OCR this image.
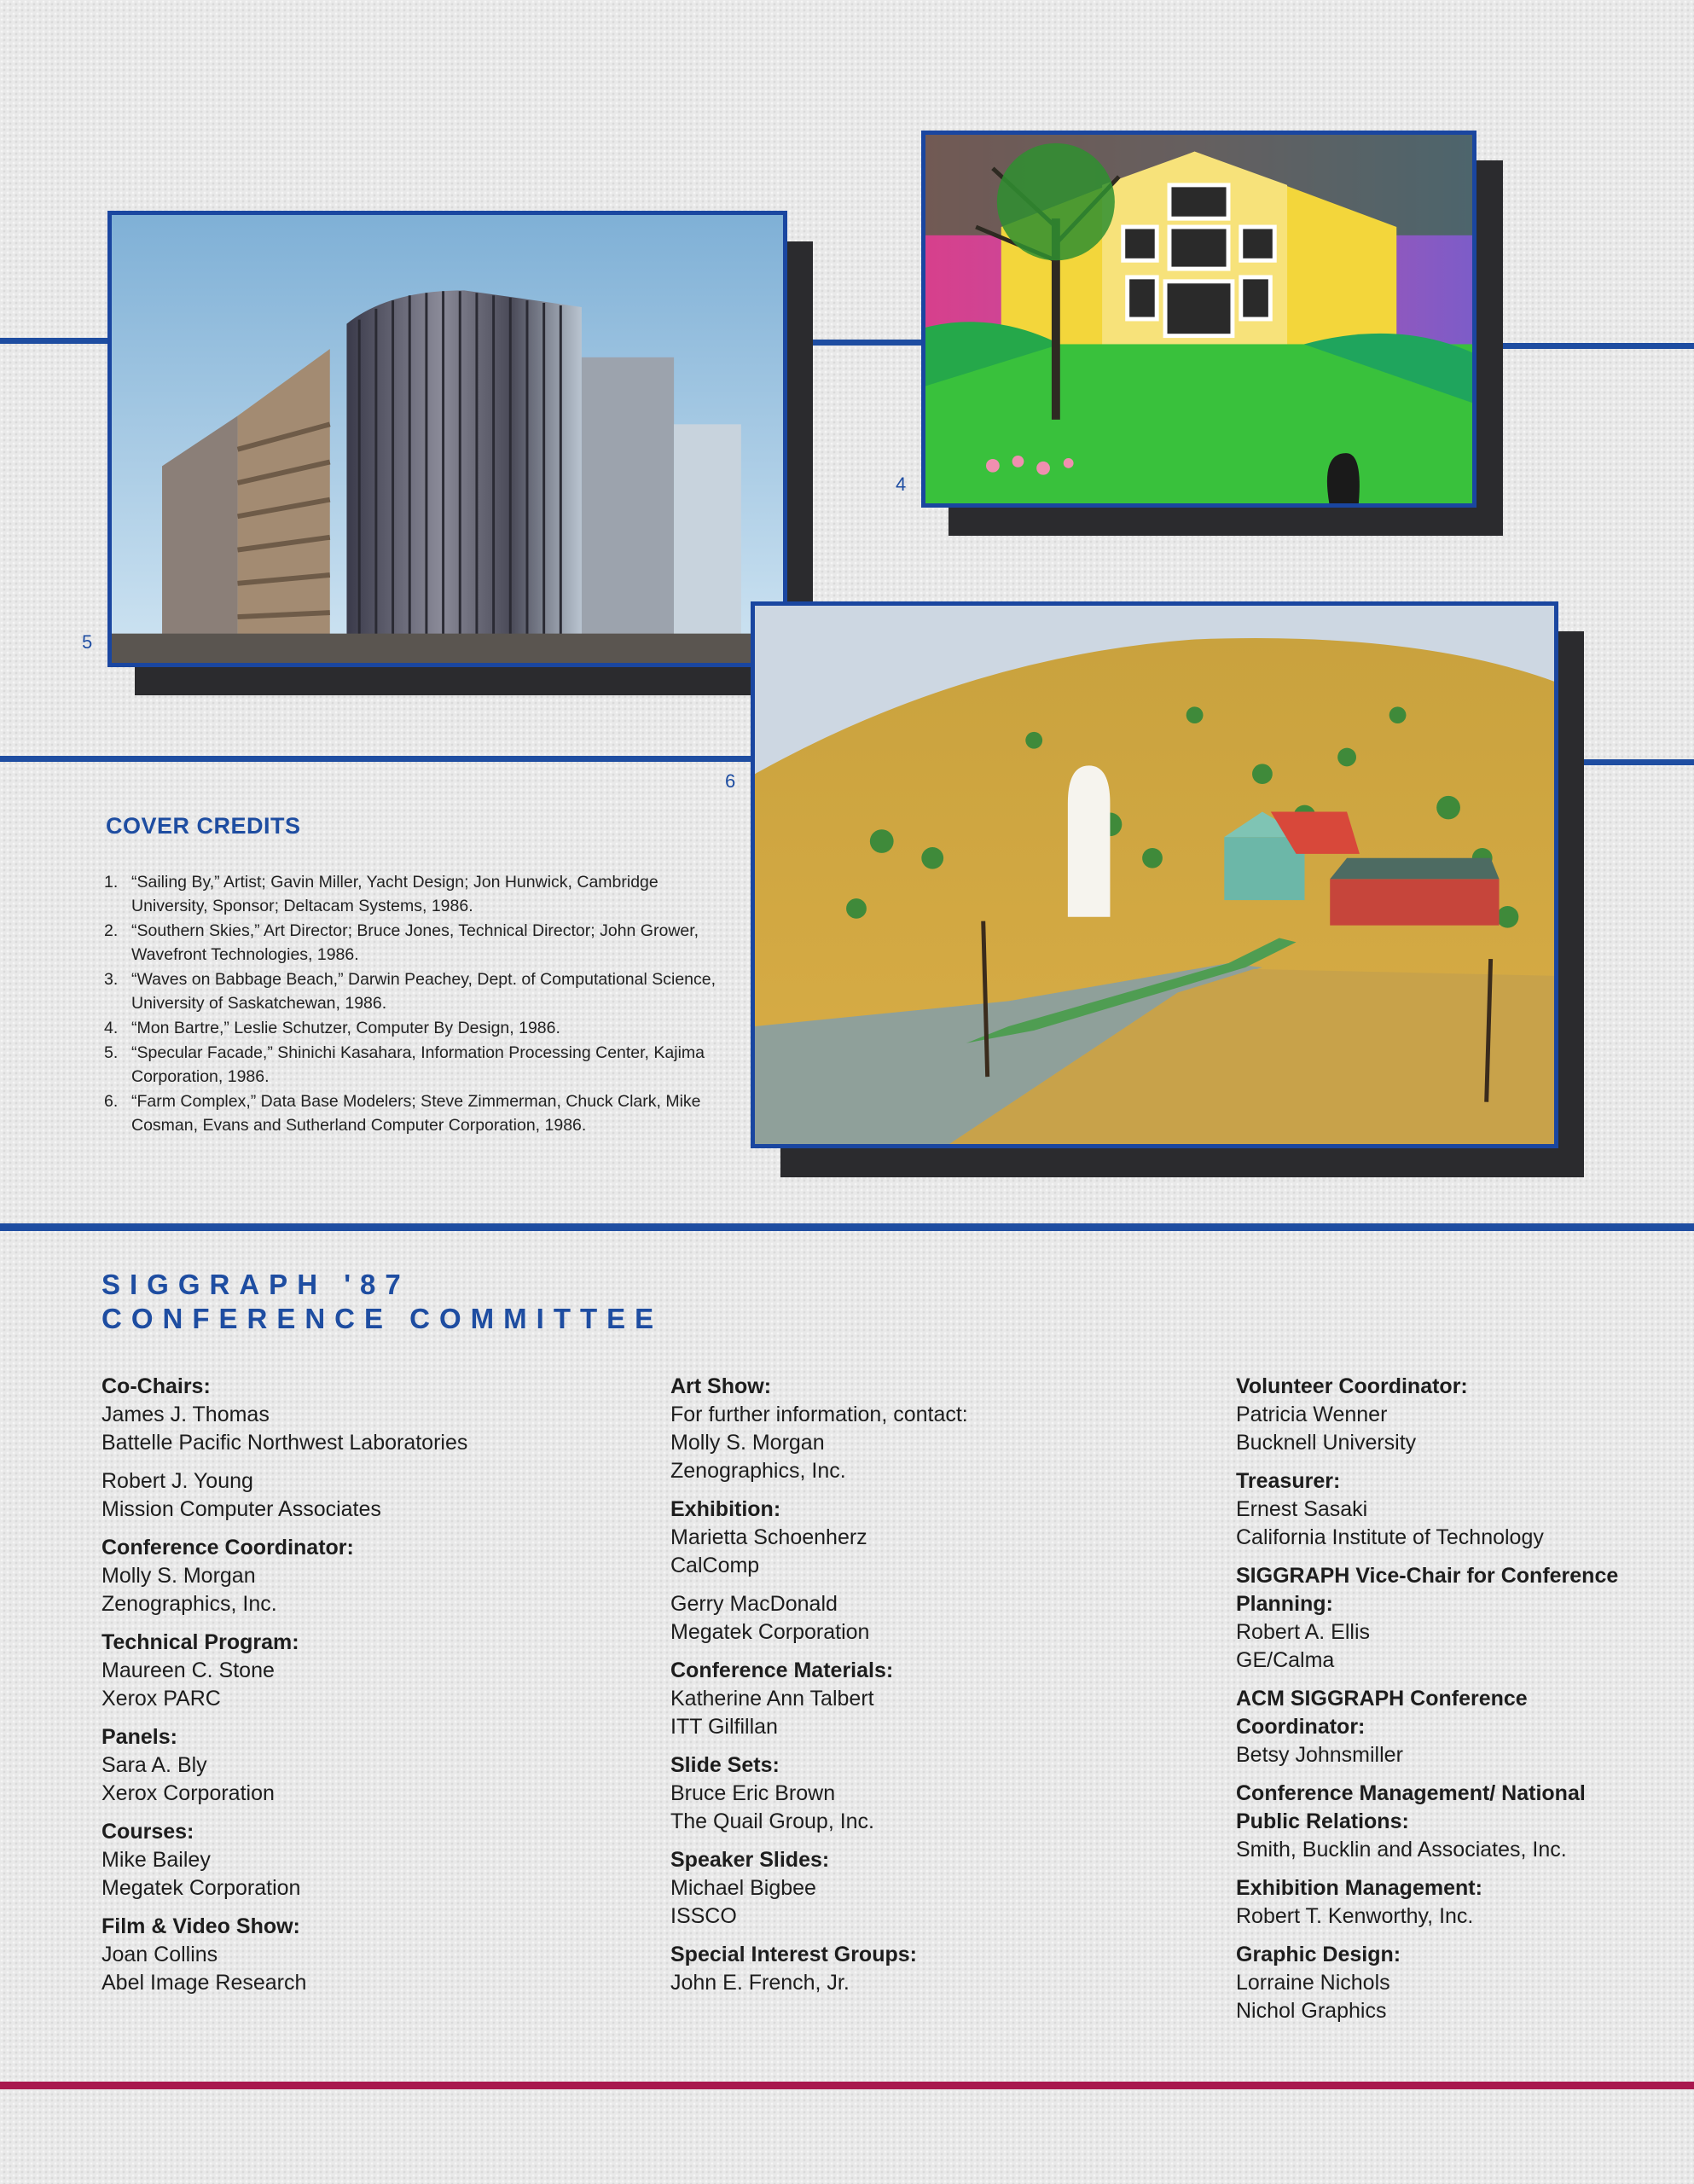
5
4
6
COVER CREDITS
1. “Sailing By,” Artist; Gavin Miller, Yacht Design; Jon Hunwick, Cambridge University, Sponsor; Deltacam Systems, 1986.
2. “Southern Skies,” Art Director; Bruce Jones, Technical Director; John Grower, Wavefront Technologies, 1986.
3. “Waves on Babbage Beach,” Darwin Peachey, Dept. of Computational Science, University of Saskatchewan, 1986.
4. “Mon Bartre,” Leslie Schutzer, Computer By Design, 1986.
5. “Specular Facade,” Shinichi Kasahara, Information Processing Center, Kajima Corporation, 1986.
6. “Farm Complex,” Data Base Modelers; Steve Zimmerman, Chuck Clark, Mike Cosman, Evans and Sutherland Computer Corporation, 1986.
SIGGRAPH '87
CONFERENCE COMMITTEE
Co-Chairs:
James J. Thomas
Battelle Pacific Northwest Laboratories
Robert J. Young
Mission Computer Associates
Conference Coordinator:
Molly S. Morgan
Zenographics, Inc.
Technical Program:
Maureen C. Stone
Xerox PARC
Panels:
Sara A. Bly
Xerox Corporation
Courses:
Mike Bailey
Megatek Corporation
Film & Video Show:
Joan Collins
Abel Image Research
Art Show:
For further information, contact:
Molly S. Morgan
Zenographics, Inc.
Exhibition:
Marietta Schoenherz
CalComp
Gerry MacDonald
Megatek Corporation
Conference Materials:
Katherine Ann Talbert
ITT Gilfillan
Slide Sets:
Bruce Eric Brown
The Quail Group, Inc.
Speaker Slides:
Michael Bigbee
ISSCO
Special Interest Groups:
John E. French, Jr.
Volunteer Coordinator:
Patricia Wenner
Bucknell University
Treasurer:
Ernest Sasaki
California Institute of Technology
SIGGRAPH Vice-Chair for Conference Planning:
Robert A. Ellis
GE/Calma
ACM SIGGRAPH Conference Coordinator:
Betsy Johnsmiller
Conference Management/ National Public Relations:
Smith, Bucklin and Associates, Inc.
Exhibition Management:
Robert T. Kenworthy, Inc.
Graphic Design:
Lorraine Nichols
Nichol Graphics
